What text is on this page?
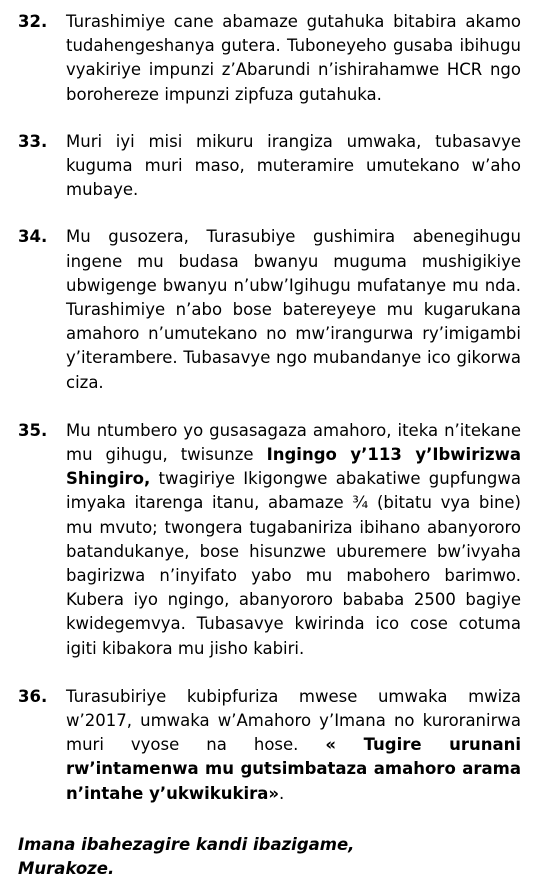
32.	Turashimiye cane abamaze gutahuka bitabira akamo tudahengeshanya gutera. Tuboneyeho gusaba ibihugu vyakiriye impunzi z’Abarundi n’ishirahamwe HCR ngo borohereze impunzi zipfuza gutahuka.
33.	Muri iyi misi mikuru irangiza umwaka, tubasavye kuguma muri maso, muteramire umutekano w’aho mubaye.
34.	Mu gusozera, Turasubiye gushimira abenegihugu ingene mu budasa bwanyu muguma mushigikiye ubwigenge bwanyu n’ubw’Igihugu mufatanye mu nda. Turashimiye n’abo bose batereyeye mu kugarukana amahoro n’umutekano no mw’irangurwa ry’imigambi y’iterambere. Tubasavye ngo mubandanye ico gikorwa ciza.
35.	Mu ntumbero yo gusasagaza amahoro, iteka n’itekane mu gihugu, twisunze Ingingo y’113 y’Ibwirizwa Shingiro, twagiriye Ikigongwe abakatiwe gupfungwa imyaka itarenga itanu, abamaze ¾ (bitatu vya bine) mu mvuto; twongera tugabaniriza ibihano abanyororo batandukanye, bose hisunzwe uburemere bw’ivyaha bagirizwa n’inyifato yabo mu mabohero barimwo. Kubera iyo ngingo, abanyororo bababa 2500 bagiye kwidegemvya. Tubasavye kwirinda ico cose cotuma igiti kibakora mu jisho kabiri.
36.	Turasubiriye kubipfuriza mwese umwaka mwiza w’2017, umwaka w’Amahoro y’Imana no kuroranirwa muri vyose na hose. « Tugire urunani rw’intamenwa mu gutsimbataza amahoro arama n’intahe y’ukwikukira».
Imana ibahezagire kandi ibazigame,
Murakoze.
